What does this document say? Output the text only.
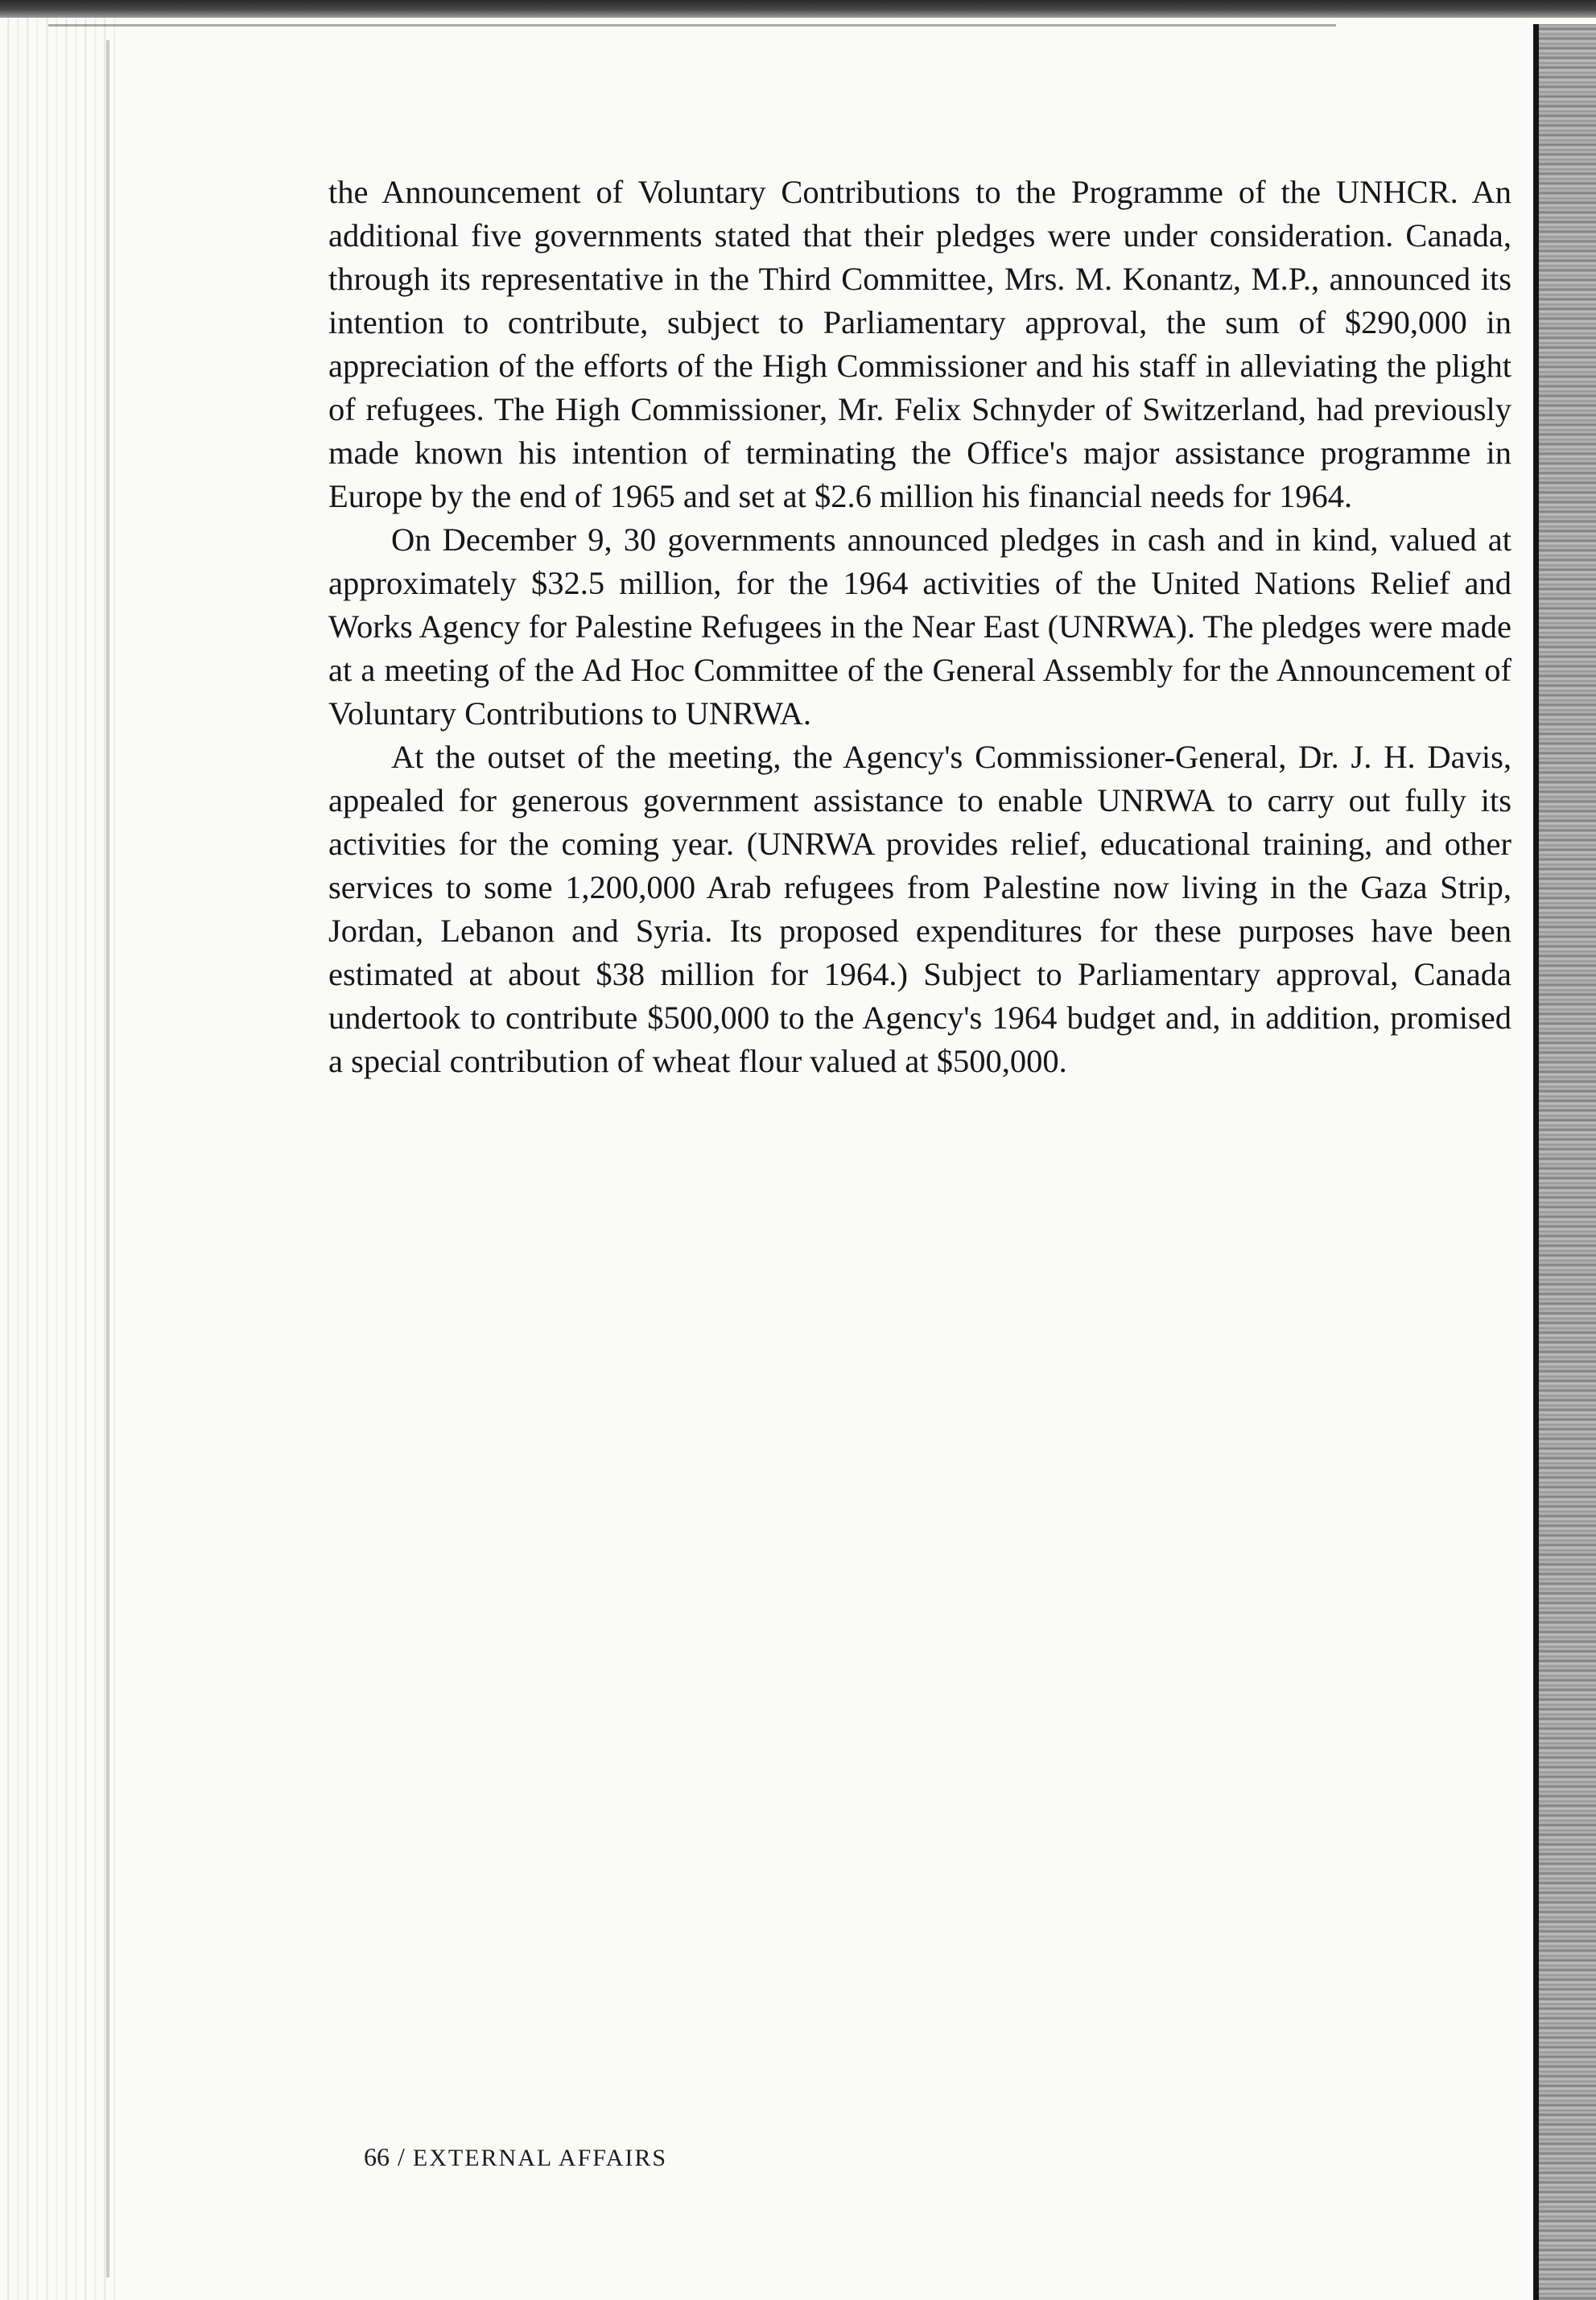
the Announcement of Voluntary Contributions to the Programme of the UNHCR. An additional five governments stated that their pledges were under consideration. Canada, through its representative in the Third Committee, Mrs. M. Konantz, M.P., announced its intention to contribute, subject to Parliamentary approval, the sum of $290,000 in appreciation of the efforts of the High Commissioner and his staff in alleviating the plight of refugees. The High Commissioner, Mr. Felix Schnyder of Switzerland, had previously made known his intention of terminating the Office's major assistance programme in Europe by the end of 1965 and set at $2.6 million his financial needs for 1964.

On December 9, 30 governments announced pledges in cash and in kind, valued at approximately $32.5 million, for the 1964 activities of the United Nations Relief and Works Agency for Palestine Refugees in the Near East (UNRWA). The pledges were made at a meeting of the Ad Hoc Committee of the General Assembly for the Announcement of Voluntary Contributions to UNRWA.

At the outset of the meeting, the Agency's Commissioner-General, Dr. J. H. Davis, appealed for generous government assistance to enable UNRWA to carry out fully its activities for the coming year. (UNRWA provides relief, educational training, and other services to some 1,200,000 Arab refugees from Palestine now living in the Gaza Strip, Jordan, Lebanon and Syria. Its proposed expenditures for these purposes have been estimated at about $38 million for 1964.) Subject to Parliamentary approval, Canada undertook to contribute $500,000 to the Agency's 1964 budget and, in addition, promised a special contribution of wheat flour valued at $500,000.

66 / EXTERNAL AFFAIRS
